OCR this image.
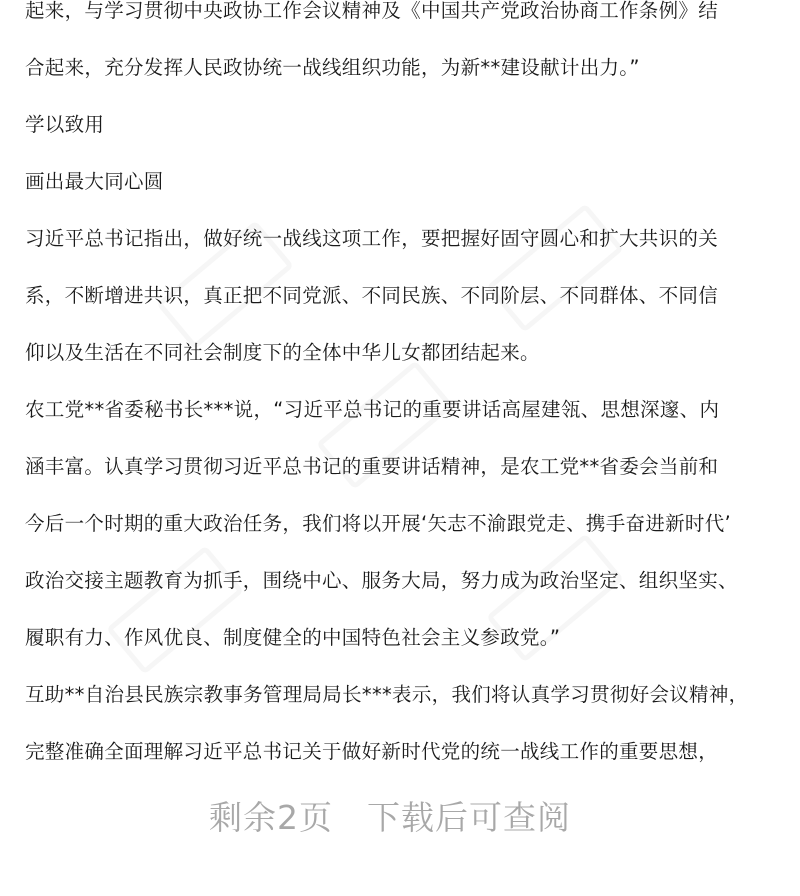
起来，与学习贯彻中央政协工作会议精神及《中国共产党政治协商工作条例》结
合起来，充分发挥人民政协统一战线组织功能，为新**建设献计出力。”
学以致用
画出最大同心圆
习近平总书记指出，做好统一战线这项工作，要把握好固守圆心和扩大共识的关
系，不断增进共识，真正把不同党派、不同民族、不同阶层、不同群体、不同信
仰以及生活在不同社会制度下的全体中华儿女都团结起来。
农工党**省委秘书长***说，“习近平总书记的重要讲话高屋建瓴、思想深邃、内
涵丰富。认真学习贯彻习近平总书记的重要讲话精神，是农工党**省委会当前和
今后一个时期的重大政治任务，我们将以开展‘矢志不渝跟党走、携手奋进新时代’
政治交接主题教育为抓手，围绕中心、服务大局，努力成为政治坚定、组织坚实、
履职有力、作风优良、制度健全的中国特色社会主义参政党。”
互助**自治县民族宗教事务管理局局长***表示，我们将认真学习贯彻好会议精神，
完整准确全面理解习近平总书记关于做好新时代党的统一战线工作的重要思想，
剩余2页 下载后可查阅
